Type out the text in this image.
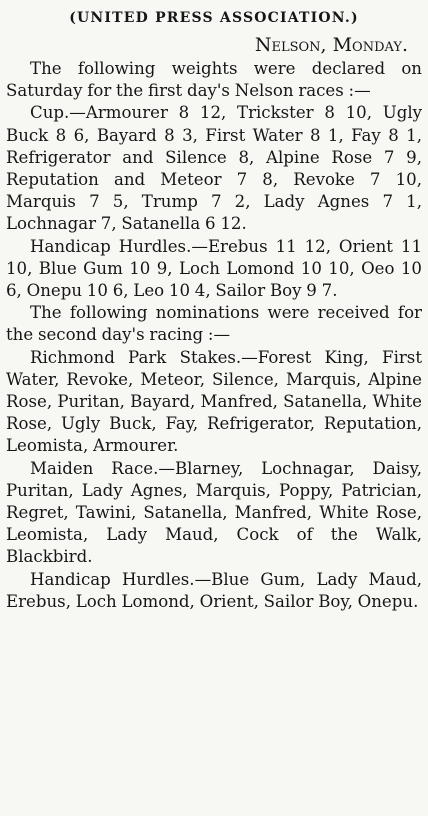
(UNITED PRESS ASSOCIATION.)
Nelson, Monday.

The following weights were declared on Saturday for the first day's Nelson races :—

Cup.—Armourer 8 12, Trickster 8 10, Ugly Buck 8 6, Bayard 8 3, First Water 8 1, Fay 8 1, Refrigerator and Silence 8, Alpine Rose 7 9, Reputation and Meteor 7 8, Revoke 7 10, Marquis 7 5, Trump 7 2, Lady Agnes 7 1, Lochnagar 7, Satanella 6 12.

Handicap Hurdles.—Erebus 11 12, Orient 11 10, Blue Gum 10 9, Loch Lomond 10 10, Oeo 10 6, Onepu 10 6, Leo 10 4, Sailor Boy 9 7.

The following nominations were received for the second day's racing :—

Richmond Park Stakes.—Forest King, First Water, Revoke, Meteor, Silence, Marquis, Alpine Rose, Puritan, Bayard, Manfred, Satanella, White Rose, Ugly Buck, Fay, Refrigerator, Reputation, Leomista, Armourer.

Maiden Race.—Blarney, Lochnagar, Daisy, Puritan, Lady Agnes, Marquis, Poppy, Patrician, Regret, Tawini, Satanella, Manfred, White Rose, Leomista, Lady Maud, Cock of the Walk, Blackbird.

Handicap Hurdles.—Blue Gum, Lady Maud, Erebus, Loch Lomond, Orient, Sailor Boy, Onepu.
